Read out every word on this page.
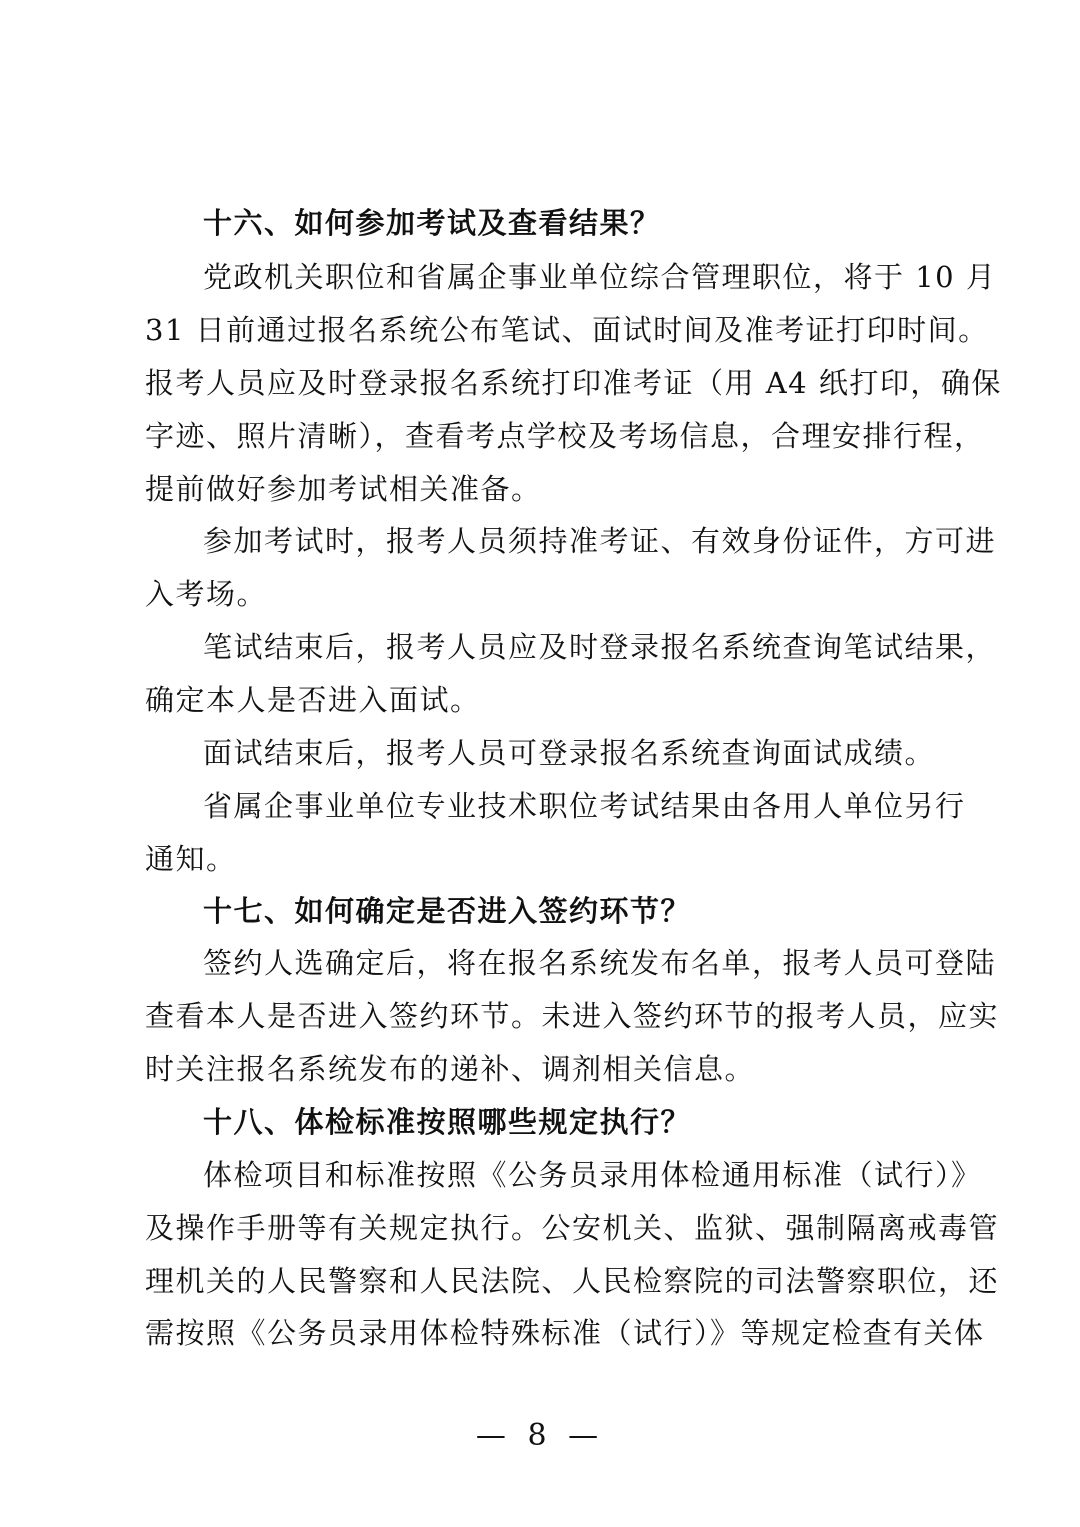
十六、如何参加考试及查看结果？
党政机关职位和省属企事业单位综合管理职位，将于 10 月
31 日前通过报名系统公布笔试、面试时间及准考证打印时间。
报考人员应及时登录报名系统打印准考证（用 A4 纸打印，确保
字迹、照片清晰），查看考点学校及考场信息，合理安排行程，
提前做好参加考试相关准备。
参加考试时，报考人员须持准考证、有效身份证件，方可进
入考场。
笔试结束后，报考人员应及时登录报名系统查询笔试结果，
确定本人是否进入面试。
面试结束后，报考人员可登录报名系统查询面试成绩。
省属企事业单位专业技术职位考试结果由各用人单位另行
通知。
十七、如何确定是否进入签约环节？
签约人选确定后，将在报名系统发布名单，报考人员可登陆
查看本人是否进入签约环节。未进入签约环节的报考人员，应实
时关注报名系统发布的递补、调剂相关信息。
十八、体检标准按照哪些规定执行？
体检项目和标准按照《公务员录用体检通用标准（试行）》
及操作手册等有关规定执行。公安机关、监狱、强制隔离戒毒管
理机关的人民警察和人民法院、人民检察院的司法警察职位，还
需按照《公务员录用体检特殊标准（试行）》等规定检查有关体
— 8 —
